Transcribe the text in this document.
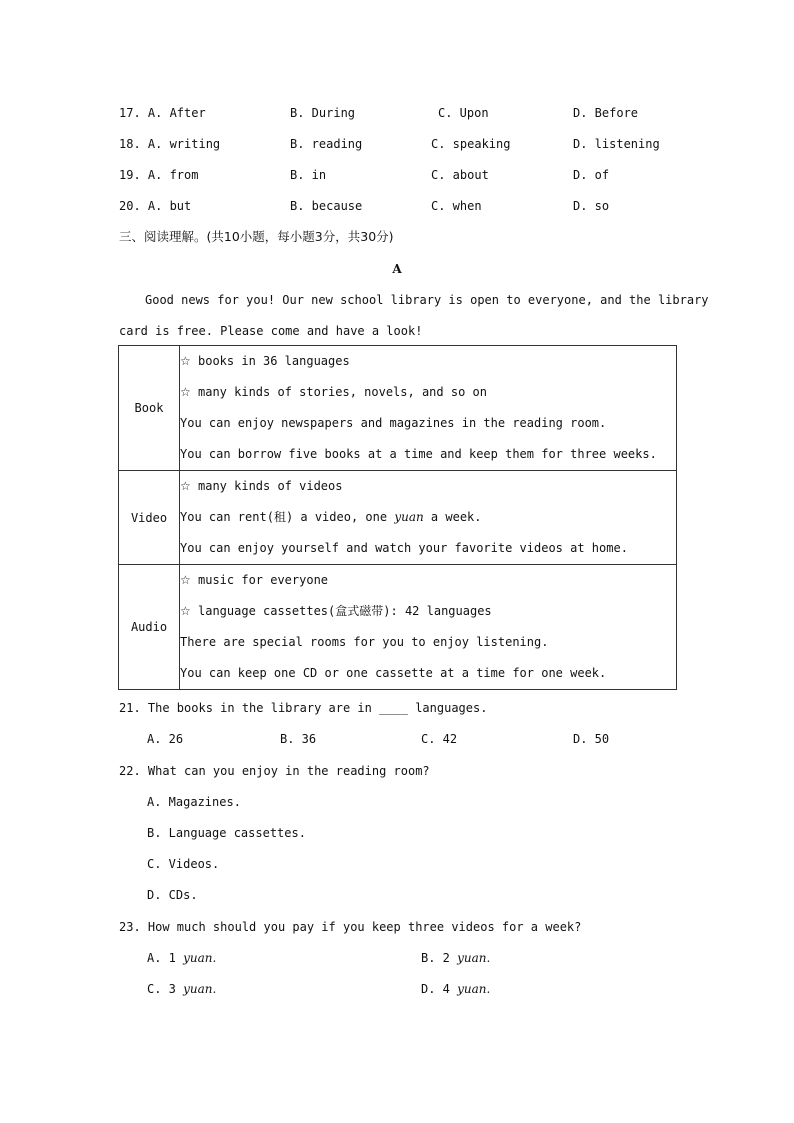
17. A. After	B. During	C. Upon	D. Before
18. A. writing	B. reading	C. speaking	D. listening
19. A. from	B. in	C. about	D. of
20. A. but	B. because	C. when	D. so
三、阅读理解。(共10小题，每小题3分，共30分)
A
Good news for you! Our new school library is open to everyone, and the library
card is free. Please come and have a look!
Book	☆ books in 36 languages
☆ many kinds of stories, novels, and so on
You can enjoy newspapers and magazines in the reading room.
You can borrow five books at a time and keep them for three weeks.

Video	☆ many kinds of videos
You can rent(租) a video, one yuan a week.
You can enjoy yourself and watch your favorite videos at home.

Audio	☆ music for everyone
☆ language cassettes(盒式磁带): 42 languages
There are special rooms for you to enjoy listening.
You can keep one CD or one cassette at a time for one week.
21. The books in the library are in ____ languages.
A. 26	B. 36	C. 42	D. 50
22. What can you enjoy in the reading room?
A. Magazines.
B. Language cassettes.
C. Videos.
D. CDs.
23. How much should you pay if you keep three videos for a week?
A. 1 yuan.	B. 2 yuan.
C. 3 yuan.	D. 4 yuan.
